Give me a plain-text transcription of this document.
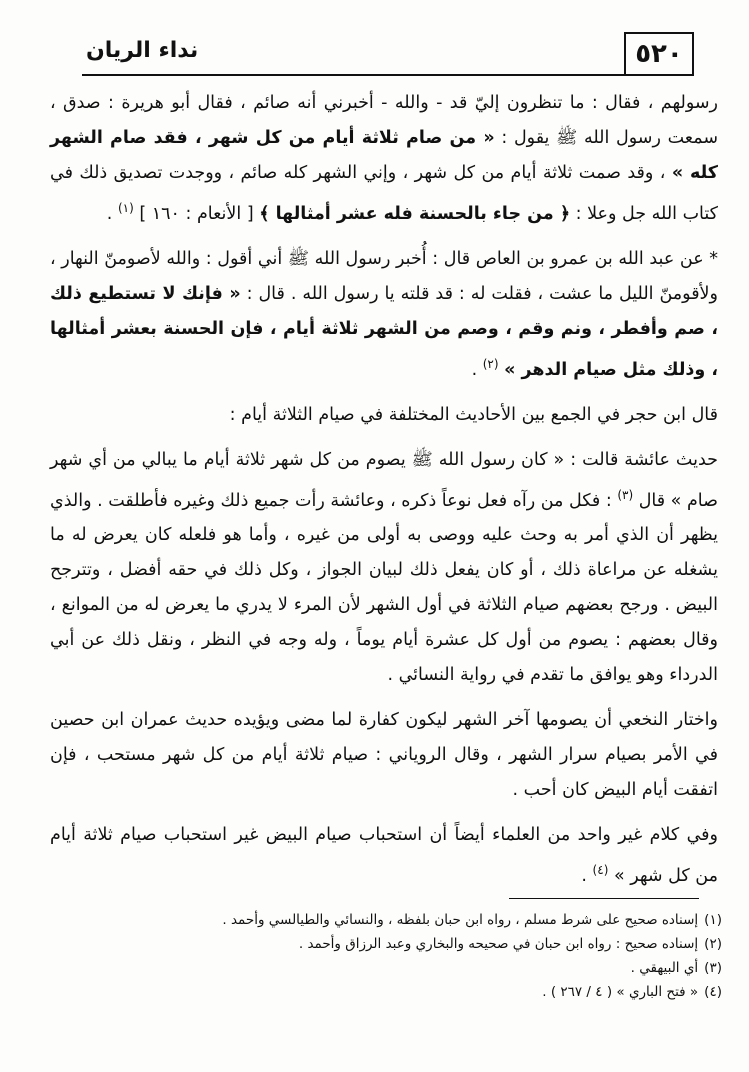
٥٢٠
نداء الريان

رسولهم ، فقال : ما تنظرون إليّ قد - والله - أخبرني أنه صائم ، فقال أبو هريرة : صدق ، سمعت رسول الله ﷺ يقول : « من صام ثلاثة أيام من كل شهر ، فقد صام الشهر كله » ، وقد صمت ثلاثة أيام من كل شهر ، وإني الشهر كله صائم ، ووجدت تصديق ذلك في كتاب الله جل وعلا : ﴿ من جاء بالحسنة فله عشر أمثالها ﴾ [ الأنعام : ١٦٠ ] $^{(١)}$ .

* عن عبد الله بن عمرو بن العاص قال : أُخبر رسول الله ﷺ أني أقول : والله لأصومنّ النهار ، ولأقومنّ الليل ما عشت ، فقلت له : قد قلته يا رسول الله . قال : « فإنك لا تستطيع ذلك ، صم وأفطر ، ونم وقم ، وصم من الشهر ثلاثة أيام ، فإن الحسنة بعشر أمثالها ، وذلك مثل صيام الدهر » $^{(٢)}$ .

قال ابن حجر في الجمع بين الأحاديث المختلفة في صيام الثلاثة أيام :

حديث عائشة قالت : « كان رسول الله ﷺ يصوم من كل شهر ثلاثة أيام ما يبالي من أي شهر صام » قال $^{(٣)}$ : فكل من رآه فعل نوعاً ذكره ، وعائشة رأت جميع ذلك وغيره فأطلقت . والذي يظهر أن الذي أمر به وحث عليه ووصى به أولى من غيره ، وأما هو فلعله كان يعرض له ما يشغله عن مراعاة ذلك ، أو كان يفعل ذلك لبيان الجواز ، وكل ذلك في حقه أفضل ، وتترجح البيض . ورجح بعضهم صيام الثلاثة في أول الشهر لأن المرء لا يدري ما يعرض له من الموانع ، وقال بعضهم : يصوم من أول كل عشرة أيام يوماً ، وله وجه في النظر ، ونقل ذلك عن أبي الدرداء وهو يوافق ما تقدم في رواية النسائي .

واختار النخعي أن يصومها آخر الشهر ليكون كفارة لما مضى ويؤيده حديث عمران ابن حصين في الأمر بصيام سرار الشهر ، وقال الروياني : صيام ثلاثة أيام من كل شهر مستحب ، فإن اتفقت أيام البيض كان أحب .

وفي كلام غير واحد من العلماء أيضاً أن استحباب صيام البيض غير استحباب صيام ثلاثة أيام من كل شهر » $^{(٤)}$ .

(١)إسناده صحيح على شرط مسلم ، رواه ابن حبان بلفظه ، والنسائي والطيالسي وأحمد .
(٢)إسناده صحيح : رواه ابن حبان في صحيحه والبخاري وعبد الرزاق وأحمد .
(٣)أي البيهقي .
(٤)« فتح الباري » ( ٤ / ٢٦٧ ) .
